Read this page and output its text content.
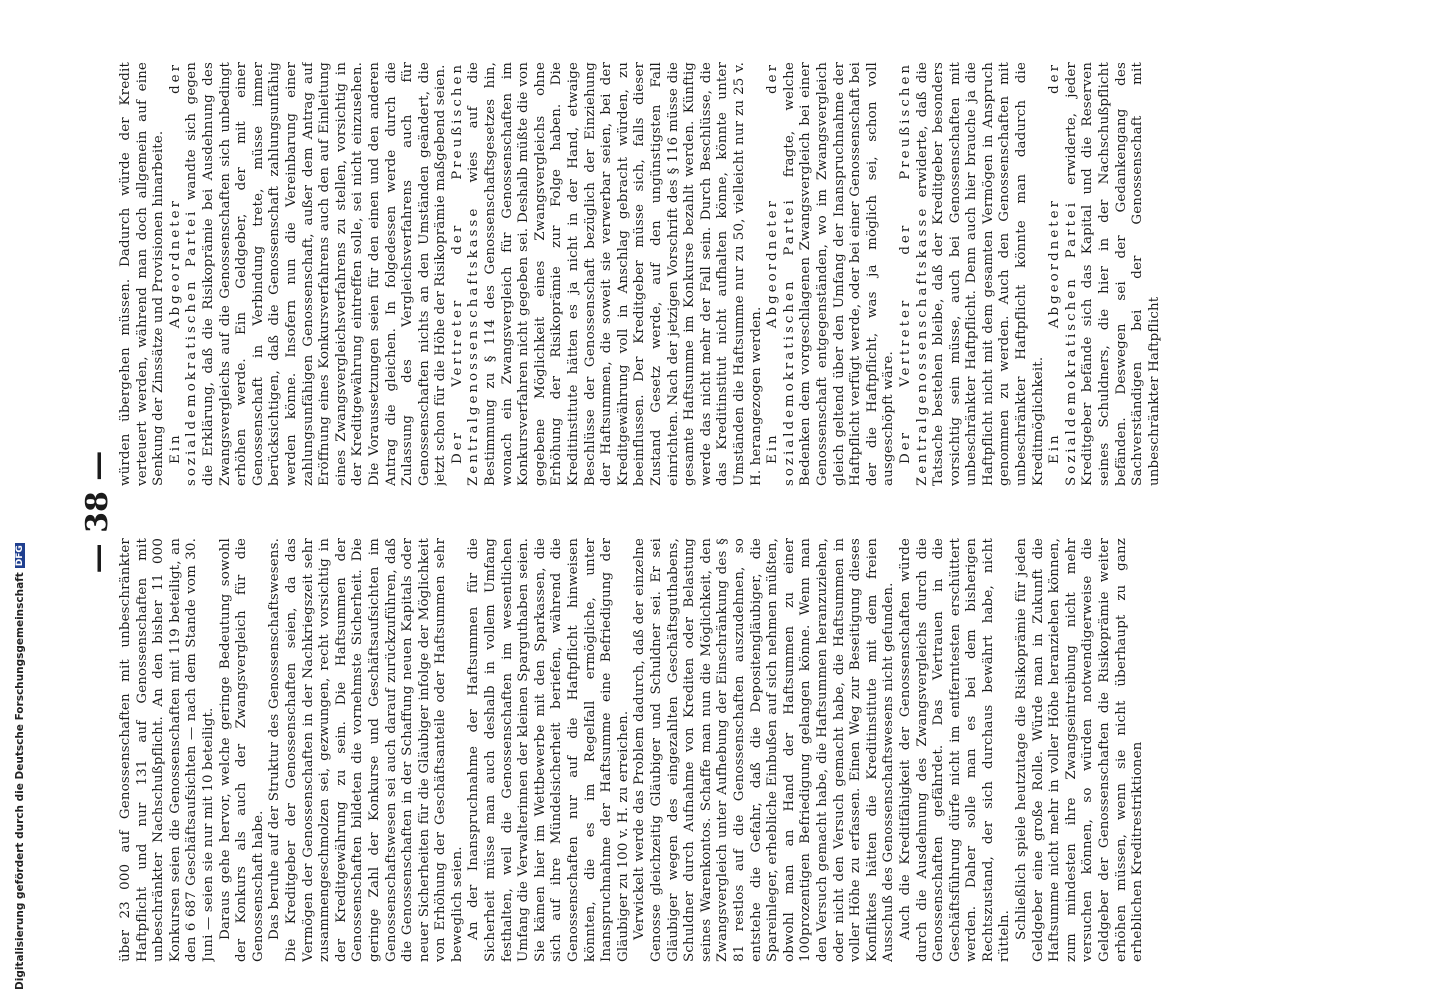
Digitalisierung gefördert durch die Deutsche ForschungsgemeinschaftDFG — 38 —

über 23 000 auf Genossenschaften mit unbeschränkter Haftpflicht und nur 131 auf Genossenschaften mit unbeschränkter Nachschußpflicht. An den bisher 11 000 Konkursen seien die Genossenschaften mit 119 beteiligt, an den 6 687 Geschäftsaufsichten — nach dem Stande vom 30. Juni — seien sie nur mit 10 beteiligt. Daraus gehe hervor, welche geringe Bedeutung sowohl der Konkurs als auch der Zwangsvergleich für die Genossenschaft habe. Das beruhe auf der Struktur des Genossenschaftswesens. Die Kreditgeber der Genossenschaften seien, da das Vermögen der Genossenschaften in der Nachkriegszeit sehr zusammengeschmolzen sei, gezwungen, recht vorsichtig in der Kreditgewährung zu sein. Die Haftsummen der Genossenschaften bildeten die vornehmste Sicherheit. Die geringe Zahl der Konkurse und Geschäftsaufsichten im Genossenschaftswesen sei auch darauf zurückzuführen, daß die Genossenschaften in der Schaffung neuen Kapitals oder neuer Sicherheiten für die Gläubiger infolge der Möglichkeit von Erhöhung der Geschäftsanteile oder Haftsummen sehr beweglich seien. An der Inanspruchnahme der Haftsummen für die Sicherheit müsse man auch deshalb in vollem Umfang festhalten, weil die Genossenschaften im wesentlichen Umfang die Verwalterinnen der kleinen Sparguthaben seien. Sie kämen hier im Wettbewerbe mit den Sparkassen, die sich auf ihre Mündelsicherheit beriefen, während die Genossenschaften nur auf die Haftpflicht hinweisen könnten, die es im Regelfall ermögliche, unter Inanspruchnahme der Haftsumme eine Befriedigung der Gläubiger zu 100 v. H. zu erreichen. Verwickelt werde das Problem dadurch, daß der einzelne Genosse gleichzeitig Gläubiger und Schuldner sei. Er sei Gläubiger wegen des eingezahlten Geschäftsguthabens, Schuldner durch Aufnahme von Krediten oder Belastung seines Warenkontos. Schaffe man nun die Möglichkeit, den Zwangsvergleich unter Aufhebung der Einschränkung des § 81 restlos auf die Genossenschaften auszudehnen, so entstehe die Gefahr, daß die Depositengläubiger, die Spareinleger, erhebliche Einbußen auf sich nehmen müßten, obwohl man an Hand der Haftsummen zu einer 100prozentigen Befriedigung gelangen könne. Wenn man den Versuch gemacht habe, die Haftsummen heranzuziehen, oder nicht den Versuch gemacht habe, die Haftsummen in voller Höhe zu erfassen. Einen Weg zur Beseitigung dieses Konfliktes hätten die Kreditinstitute mit dem freien Ausschuß des Genossenschaftswesens nicht gefunden. Auch die Kreditfähigkeit der Genossenschaften würde durch die Ausdehnung des Zwangsvergleichs durch die Genossenschaften gefährdet. Das Vertrauen in die Geschäftsführung dürfe nicht im entferntesten erschüttert werden. Daher solle man es bei dem bisherigen Rechtszustand, der sich durchaus bewährt habe, nicht rütteln. Schließlich spiele heutzutage die Risikoprämie für jeden Geldgeber eine große Rolle. Würde man in Zukunft die Haftsumme nicht mehr in voller Höhe heranziehen können, zum mindesten ihre Zwangseintreibung nicht mehr versuchen können, so würden notwendigerweise die Geldgeber der Genossenschaften die Risikoprämie weiter erhöhen müssen, wenn sie nicht überhaupt zu ganz erheblichen Kreditrestriktionen

würden übergehen müssen. Dadurch würde der Kredit verteuert werden, während man doch allgemein auf eine Senkung der Zinssätze und Provisionen hinarbeite. Ein Abgeordneter der sozialdemokratischen Partei wandte sich gegen die Erklärung, daß die Risikoprämie bei Ausdehnung des Zwangsvergleichs auf die Genossenschaften sich unbedingt erhöhen werde. Ein Geldgeber, der mit einer Genossenschaft in Verbindung trete, müsse immer berücksichtigen, daß die Genossenschaft zahlungsunfähig werden könne. Insofern nun die Vereinbarung einer zahlungsunfähigen Genossenschaft, außer dem Antrag auf Eröffnung eines Konkursverfahrens auch den auf Einleitung eines Zwangsvergleichsverfahrens zu stellen, vorsichtig in der Kreditgewährung eintreffen solle, sei nicht einzusehen. Die Voraussetzungen seien für den einen und den anderen Antrag die gleichen. In folgedessen werde durch die Zulassung des Vergleichsverfahrens auch für Genossenschaften nichts an den Umständen geändert, die jetzt schon für die Höhe der Risikoprämie maßgebend seien. Der Vertreter der Preußischen Zentralgenossenschaftskasse wies auf die Bestimmung zu § 114 des Genossenschaftsgesetzes hin, wonach ein Zwangsvergleich für Genossenschaften im Konkursverfahren nicht gegeben sei. Deshalb müßte die von gegebene Möglichkeit eines Zwangsvergleichs ohne Erhöhung der Risikoprämie zur Folge haben. Die Kreditinstitute hätten es ja nicht in der Hand, etwaige Beschlüsse der Genossenschaft bezüglich der Einziehung der Haftsummen, die soweit sie verwerbar seien, bei der Kreditgewährung voll in Anschlag gebracht würden, zu beeinflussen. Der Kreditgeber müsse sich, falls dieser Zustand Gesetz werde, auf den ungünstigsten Fall einrichten. Nach der jetzigen Vorschrift des § 116 müsse die gesamte Haftsumme im Konkurse bezahlt werden. Künftig werde das nicht mehr der Fall sein. Durch Beschlüsse, die das Kreditinstitut nicht aufhalten könne, könnte unter Umständen die Haftsumme nur zu 50, vielleicht nur zu 25 v. H. herangezogen werden. Ein Abgeordneter der sozialdemokratischen Partei fragte, welche Bedenken dem vorgeschlagenen Zwangsvergleich bei einer Genossenschaft entgegenständen, wo im Zwangsvergleich gleich geltend über den Umfang der Inanspruchnahme der Haftpflicht verfügt werde, oder bei einer Genossenschaft bei der die Haftpflicht, was ja möglich sei, schon voll ausgeschöpft wäre. Der Vertreter der Preußischen Zentralgenossenschaftskasse erwiderte, daß die Tatsache bestehen bleibe, daß der Kreditgeber besonders vorsichtig sein müsse, auch bei Genossenschaften mit unbeschränkter Haftpflicht. Denn auch hier brauche ja die Haftpflicht nicht mit dem gesamten Vermögen in Anspruch genommen zu werden. Auch den Genossenschaften mit unbeschränkter Haftpflicht könnte man dadurch die Kreditmöglichkeit. Ein Abgeordneter der Sozialdemokratischen Partei erwiderte, jeder Kreditgeber befände sich das Kapital und die Reserven seines Schuldners, die hier in der Nachschußpflicht befänden. Deswegen sei der Gedankengang des Sachverständigen bei der Genossenschaft mit unbeschränkter Haftpflicht
